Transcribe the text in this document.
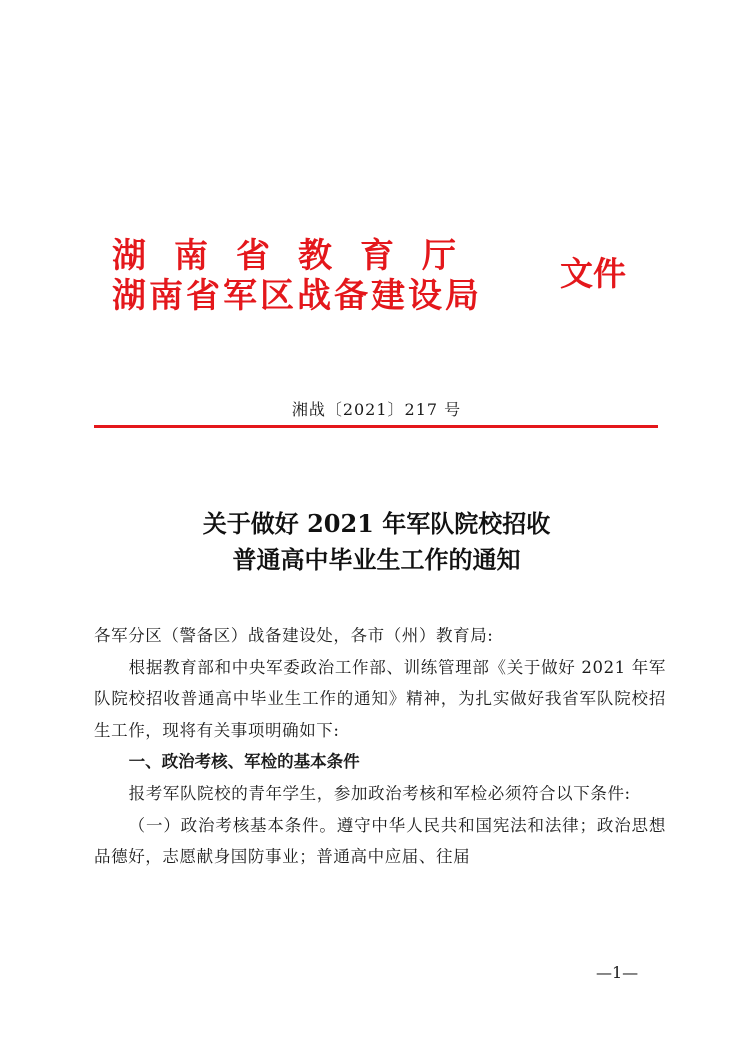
湖南省教育厅
湖南省军区战备建设局
文件
湘战〔2021〕217 号
关于做好 2021 年军队院校招收
普通高中毕业生工作的通知

各军分区（警备区）战备建设处，各市（州）教育局:

根据教育部和中央军委政治工作部、训练管理部《关于做好 2021 年军队院校招收普通高中毕业生工作的通知》精神，为扎实做好我省军队院校招生工作，现将有关事项明确如下:

一、政治考核、军检的基本条件

报考军队院校的青年学生，参加政治考核和军检必须符合以下条件:

（一）政治考核基本条件。遵守中华人民共和国宪法和法律；政治思想品德好，志愿献身国防事业；普通高中应届、往届

—1—
